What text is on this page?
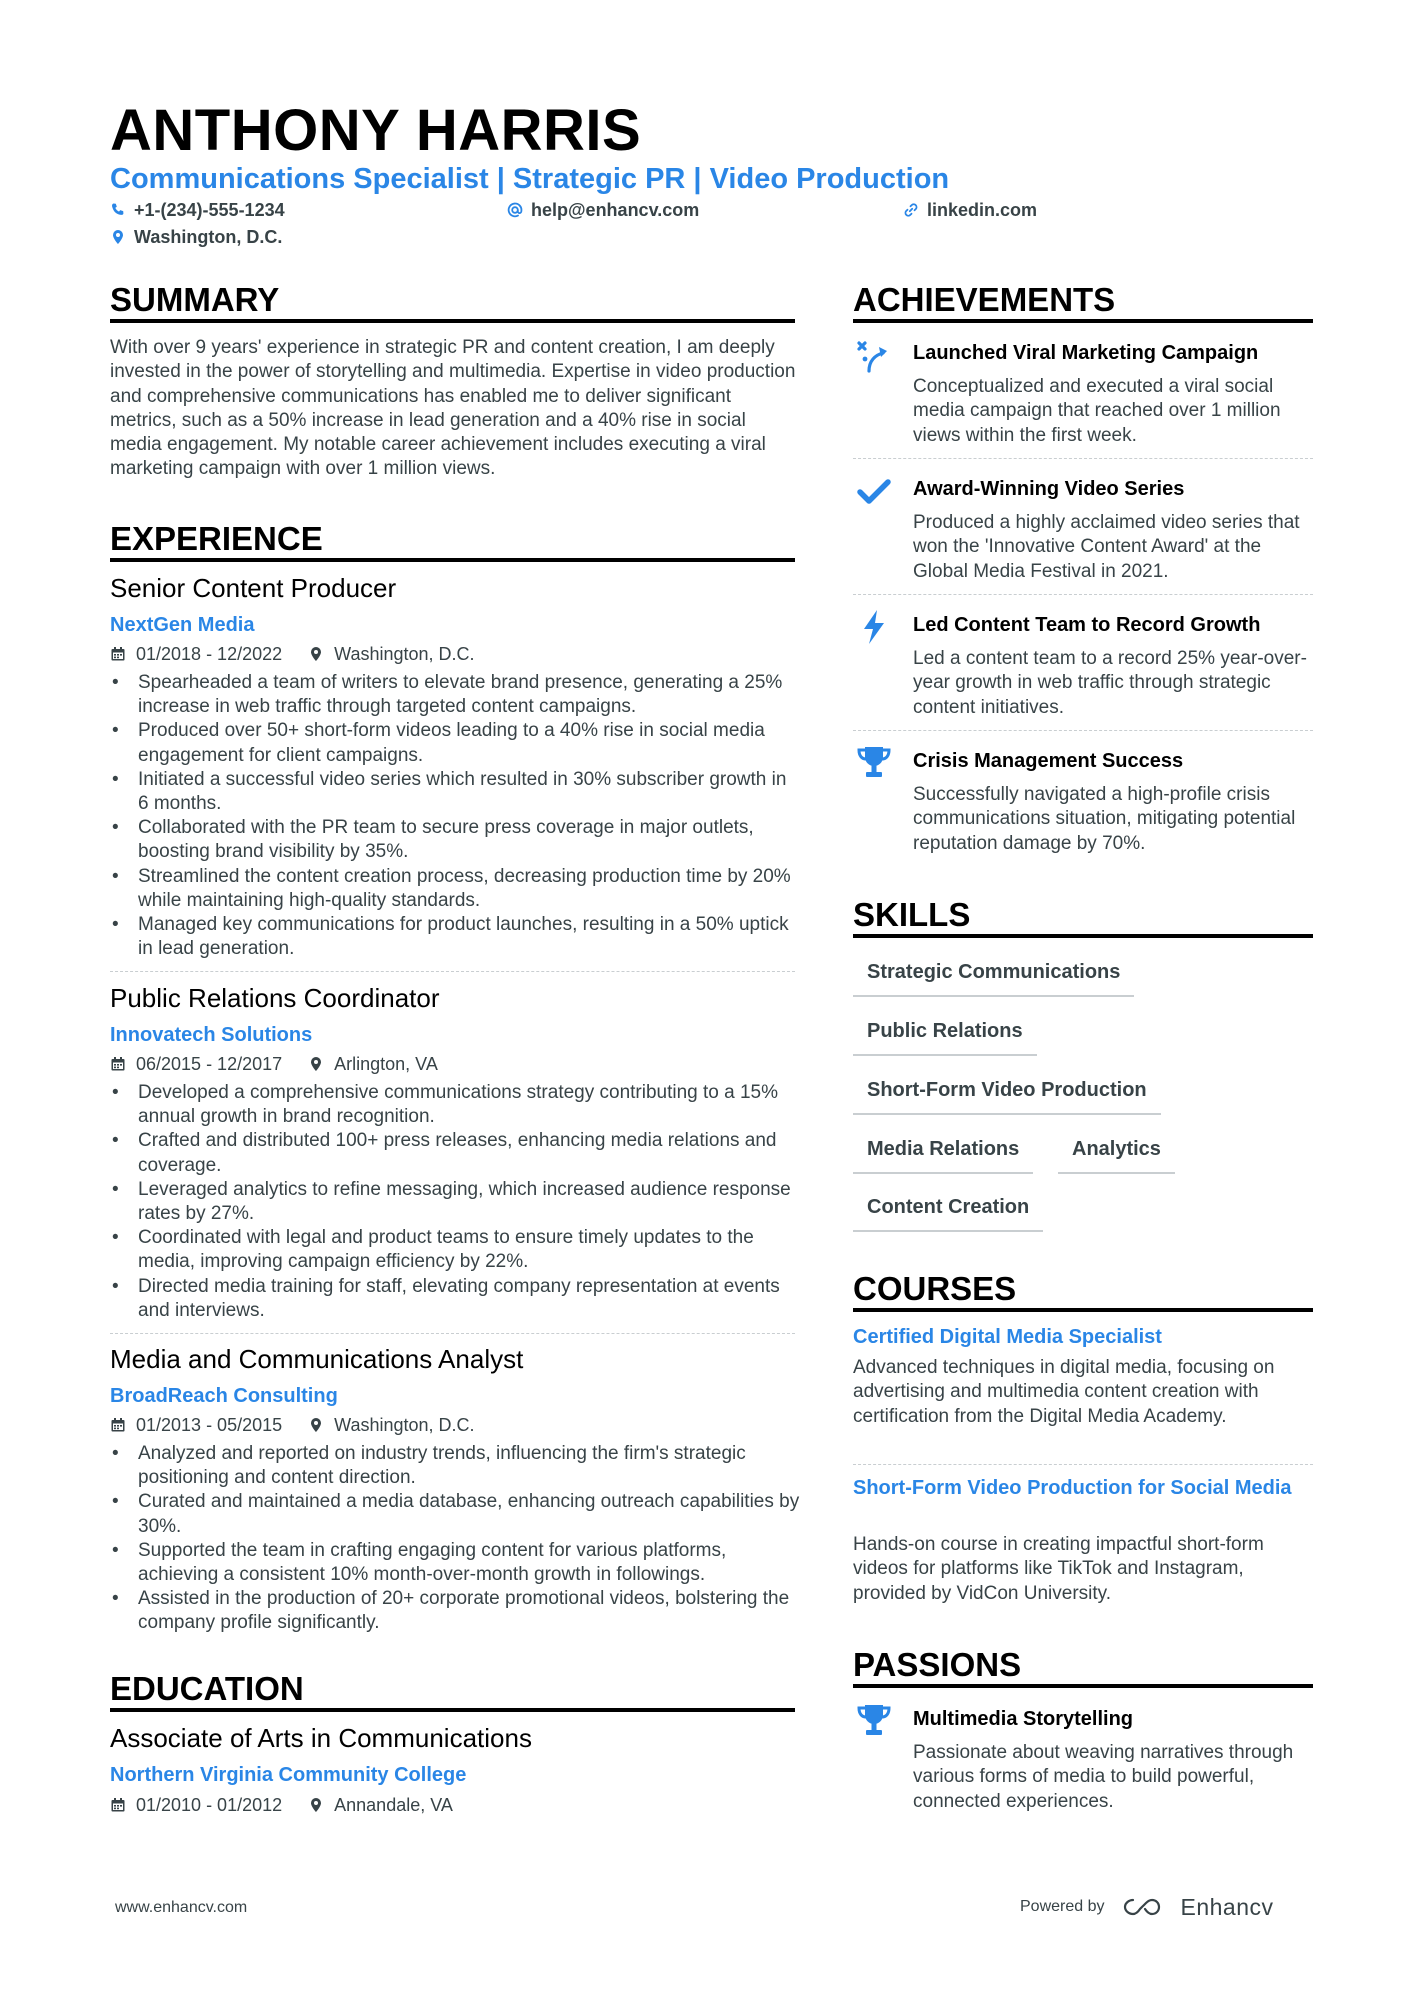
ANTHONY HARRIS
Communications Specialist | Strategic PR | Video Production
+1-(234)-555-1234	help@enhancv.com	linkedin.com
Washington, D.C.
SUMMARY
With over 9 years' experience in strategic PR and content creation, I am deeply invested in the power of storytelling and multimedia. Expertise in video production and comprehensive communications has enabled me to deliver significant metrics, such as a 50% increase in lead generation and a 40% rise in social media engagement. My notable career achievement includes executing a viral marketing campaign with over 1 million views.
EXPERIENCE
Senior Content Producer
NextGen Media
01/2018 - 12/2022	Washington, D.C.
• Spearheaded a team of writers to elevate brand presence, generating a 25% increase in web traffic through targeted content campaigns.
• Produced over 50+ short-form videos leading to a 40% rise in social media engagement for client campaigns.
• Initiated a successful video series which resulted in 30% subscriber growth in 6 months.
• Collaborated with the PR team to secure press coverage in major outlets, boosting brand visibility by 35%.
• Streamlined the content creation process, decreasing production time by 20% while maintaining high-quality standards.
• Managed key communications for product launches, resulting in a 50% uptick in lead generation.
Public Relations Coordinator
Innovatech Solutions
06/2015 - 12/2017	Arlington, VA
• Developed a comprehensive communications strategy contributing to a 15% annual growth in brand recognition.
• Crafted and distributed 100+ press releases, enhancing media relations and coverage.
• Leveraged analytics to refine messaging, which increased audience response rates by 27%.
• Coordinated with legal and product teams to ensure timely updates to the media, improving campaign efficiency by 22%.
• Directed media training for staff, elevating company representation at events and interviews.
Media and Communications Analyst
BroadReach Consulting
01/2013 - 05/2015	Washington, D.C.
• Analyzed and reported on industry trends, influencing the firm's strategic positioning and content direction.
• Curated and maintained a media database, enhancing outreach capabilities by 30%.
• Supported the team in crafting engaging content for various platforms, achieving a consistent 10% month-over-month growth in followings.
• Assisted in the production of 20+ corporate promotional videos, bolstering the company profile significantly.
EDUCATION
Associate of Arts in Communications
Northern Virginia Community College
01/2010 - 01/2012	Annandale, VA
ACHIEVEMENTS
Launched Viral Marketing Campaign
Conceptualized and executed a viral social media campaign that reached over 1 million views within the first week.
Award-Winning Video Series
Produced a highly acclaimed video series that won the 'Innovative Content Award' at the Global Media Festival in 2021.
Led Content Team to Record Growth
Led a content team to a record 25% year-over-year growth in web traffic through strategic content initiatives.
Crisis Management Success
Successfully navigated a high-profile crisis communications situation, mitigating potential reputation damage by 70%.
SKILLS
Strategic Communications
Public Relations
Short-Form Video Production
Media Relations	Analytics
Content Creation
COURSES
Certified Digital Media Specialist
Advanced techniques in digital media, focusing on advertising and multimedia content creation with certification from the Digital Media Academy.
Short-Form Video Production for Social Media
Hands-on course in creating impactful short-form videos for platforms like TikTok and Instagram, provided by VidCon University.
PASSIONS
Multimedia Storytelling
Passionate about weaving narratives through various forms of media to build powerful, connected experiences.
www.enhancv.com	Powered by	Enhancv
